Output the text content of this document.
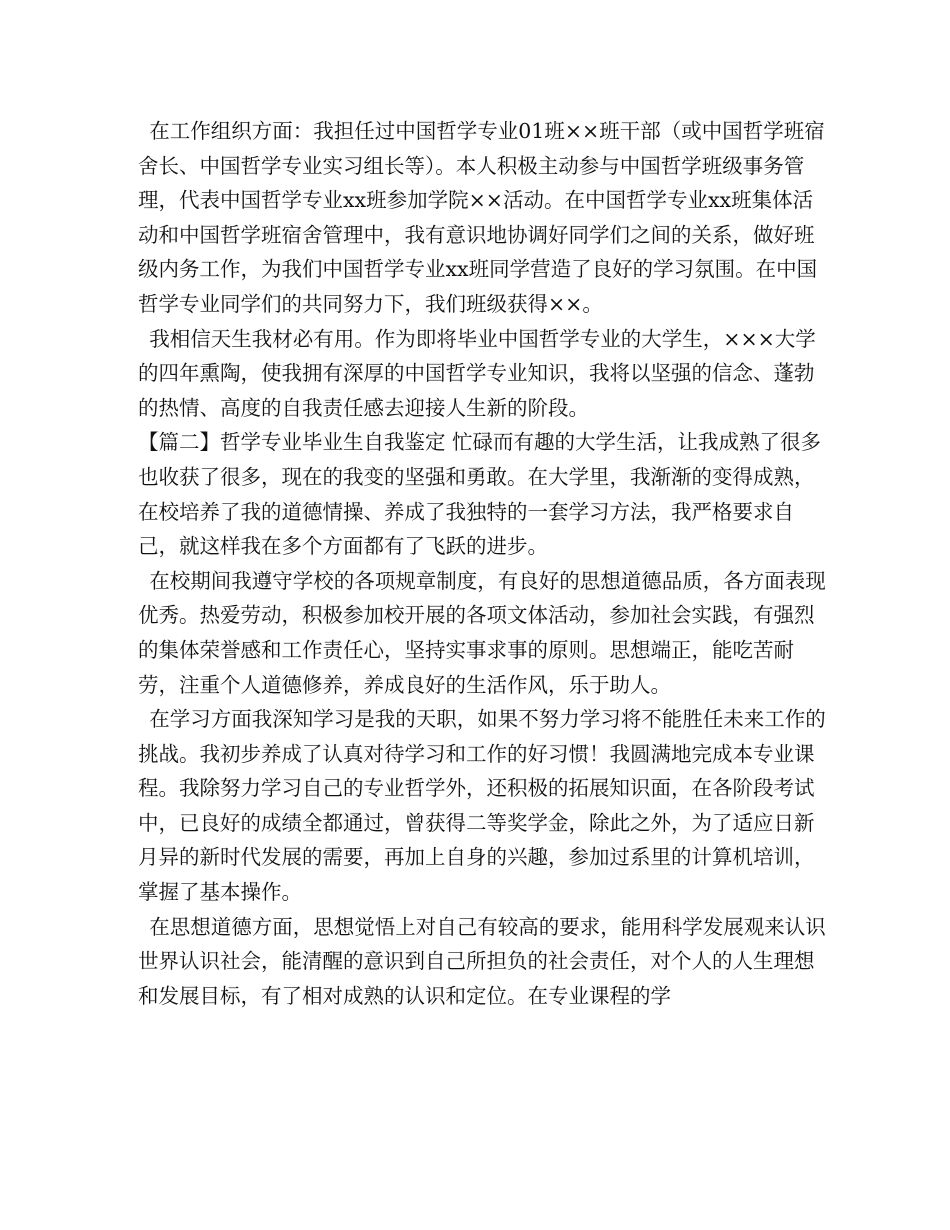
在工作组织方面：我担任过中国哲学专业01班××班干部（或中国哲学班宿舍长、中国哲学专业实习组长等）。本人积极主动参与中国哲学班级事务管理，代表中国哲学专业xx班参加学院××活动。在中国哲学专业xx班集体活动和中国哲学班宿舍管理中，我有意识地协调好同学们之间的关系，做好班级内务工作，为我们中国哲学专业xx班同学营造了良好的学习氛围。在中国哲学专业同学们的共同努力下，我们班级获得××。

我相信天生我材必有用。作为即将毕业中国哲学专业的大学生，×××大学的四年熏陶，使我拥有深厚的中国哲学专业知识，我将以坚强的信念、蓬勃的热情、高度的自我责任感去迎接人生新的阶段。

【篇二】哲学专业毕业生自我鉴定 忙碌而有趣的大学生活，让我成熟了很多也收获了很多，现在的我变的坚强和勇敢。在大学里，我渐渐的变得成熟，在校培养了我的道德情操、养成了我独特的一套学习方法，我严格要求自己，就这样我在多个方面都有了飞跃的进步。

在校期间我遵守学校的各项规章制度，有良好的思想道德品质，各方面表现优秀。热爱劳动，积极参加校开展的各项文体活动，参加社会实践，有强烈的集体荣誉感和工作责任心，坚持实事求事的原则。思想端正，能吃苦耐劳，注重个人道德修养，养成良好的生活作风，乐于助人。

在学习方面我深知学习是我的天职，如果不努力学习将不能胜任未来工作的挑战。我初步养成了认真对待学习和工作的好习惯！我圆满地完成本专业课程。我除努力学习自己的专业哲学外，还积极的拓展知识面，在各阶段考试中，已良好的成绩全都通过，曾获得二等奖学金，除此之外，为了适应日新月异的新时代发展的需要，再加上自身的兴趣，参加过系里的计算机培训，掌握了基本操作。

在思想道德方面，思想觉悟上对自己有较高的要求，能用科学发展观来认识世界认识社会，能清醒的意识到自己所担负的社会责任，对个人的人生理想和发展目标，有了相对成熟的认识和定位。在专业课程的学
